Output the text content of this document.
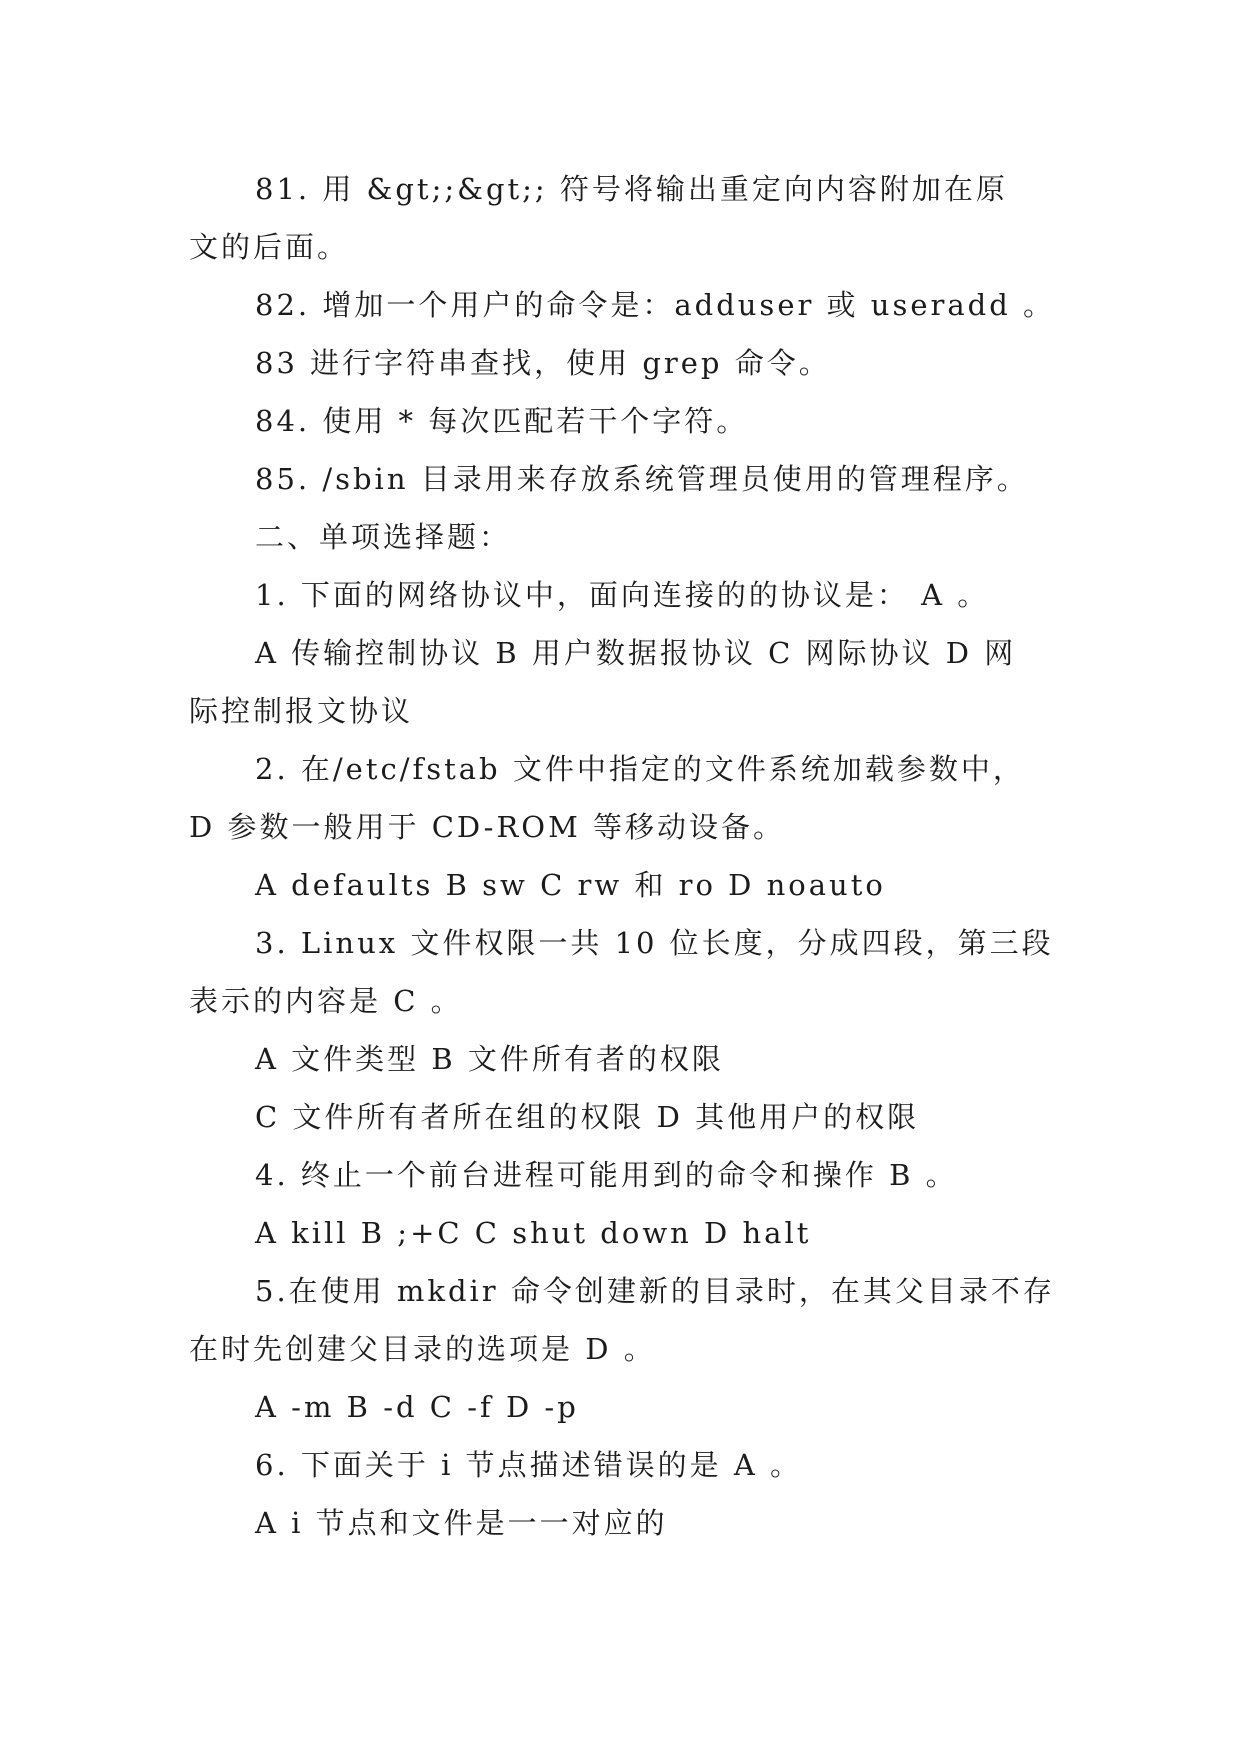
81. 用 &gt;;&gt;; 符号将输出重定向内容附加在原

文的后面。

82. 增加一个用户的命令是：adduser 或 useradd 。

83 进行字符串查找，使用 grep 命令。

84. 使用 * 每次匹配若干个字符。

85. /sbin 目录用来存放系统管理员使用的管理程序。

二、单项选择题：

1. 下面的网络协议中，面向连接的的协议是： A 。

A 传输控制协议 B 用户数据报协议 C 网际协议 D 网

际控制报文协议

2. 在/etc/fstab 文件中指定的文件系统加载参数中，

D 参数一般用于 CD-ROM 等移动设备。

A defaults B sw C rw 和 ro D noauto

3. Linux 文件权限一共 10 位长度，分成四段，第三段

表示的内容是 C 。

A 文件类型 B 文件所有者的权限

C 文件所有者所在组的权限 D 其他用户的权限

4. 终止一个前台进程可能用到的命令和操作 B 。

A kill B ;+C C shut down D halt

5.在使用 mkdir 命令创建新的目录时，在其父目录不存

在时先创建父目录的选项是 D 。

A -m B -d C -f D -p

6. 下面关于 i 节点描述错误的是 A 。

A i 节点和文件是一一对应的
